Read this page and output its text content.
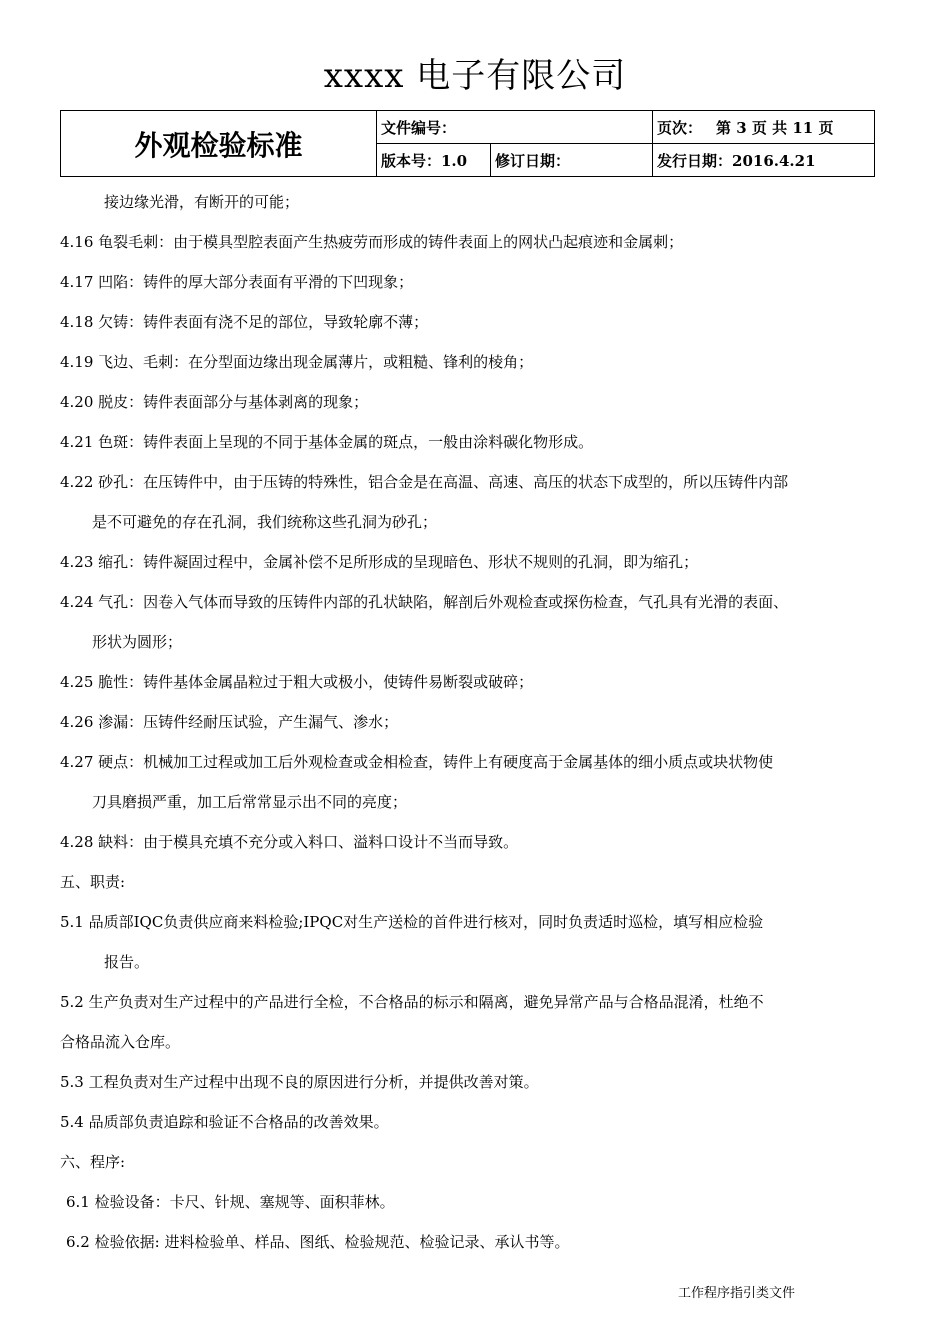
xxxx 电子有限公司
外观检验标准	文件编号：		页次： 第 3 页 共 11 页
	版本号：1.0	修订日期：	发行日期：2016.4.21
接边缘光滑，有断开的可能；
4.16 龟裂毛刺：由于模具型腔表面产生热疲劳而形成的铸件表面上的网状凸起痕迹和金属刺；
4.17 凹陷：铸件的厚大部分表面有平滑的下凹现象；
4.18 欠铸：铸件表面有浇不足的部位，导致轮廓不薄；
4.19 飞边、毛刺：在分型面边缘出现金属薄片，或粗糙、锋利的棱角；
4.20 脱皮：铸件表面部分与基体剥离的现象；
4.21 色斑：铸件表面上呈现的不同于基体金属的斑点，一般由涂料碳化物形成。
4.22 砂孔：在压铸件中，由于压铸的特殊性，铝合金是在高温、高速、高压的状态下成型的，所以压铸件内部
是不可避免的存在孔洞，我们统称这些孔洞为砂孔；
4.23 缩孔：铸件凝固过程中，金属补偿不足所形成的呈现暗色、形状不规则的孔洞，即为缩孔；
4.24 气孔：因卷入气体而导致的压铸件内部的孔状缺陷，解剖后外观检查或探伤检查，气孔具有光滑的表面、
形状为圆形；
4.25 脆性：铸件基体金属晶粒过于粗大或极小，使铸件易断裂或破碎；
4.26 渗漏：压铸件经耐压试验，产生漏气、渗水；
4.27 硬点：机械加工过程或加工后外观检查或金相检查，铸件上有硬度高于金属基体的细小质点或块状物使
刀具磨损严重，加工后常常显示出不同的亮度；
4.28 缺料：由于模具充填不充分或入料口、溢料口设计不当而导致。
五、职责:
5.1 品质部IQC负责供应商来料检验;IPQC对生产送检的首件进行核对，同时负责适时巡检，填写相应检验
报告。
5.2 生产负责对生产过程中的产品进行全检，不合格品的标示和隔离，避免异常产品与合格品混淆，杜绝不
合格品流入仓库。
5.3 工程负责对生产过程中出现不良的原因进行分析，并提供改善对策。
5.4 品质部负责追踪和验证不合格品的改善效果。
六、程序:
6.1 检验设备：卡尺、针规、塞规等、面积菲林。
6.2 检验依据: 进料检验单、样品、图纸、检验规范、检验记录、承认书等。
工作程序指引类文件
